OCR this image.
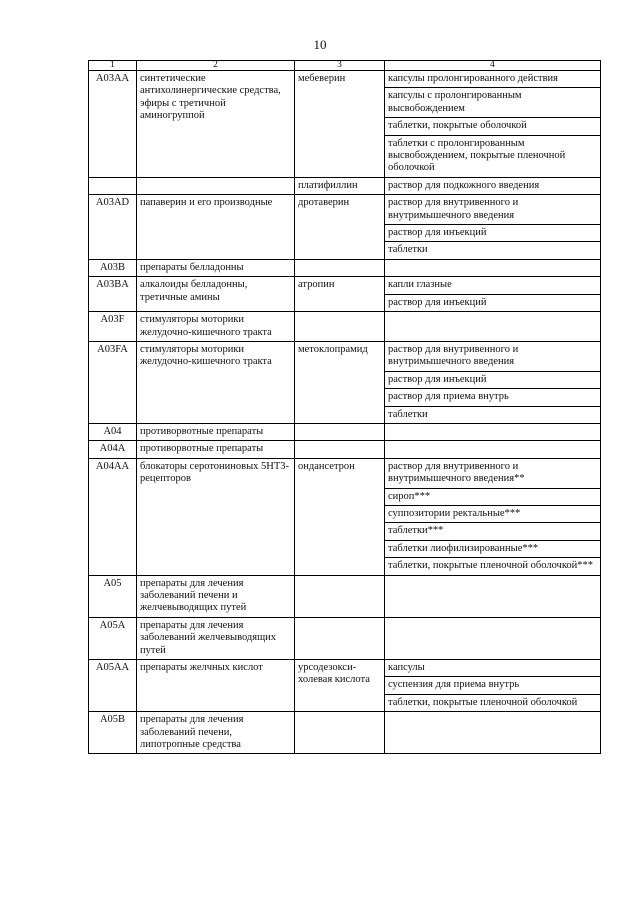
10
1	2	3	4
A03AA	синтетические антихолинергические средства, эфиры с третичной аминогруппой	мебеверин	капсулы пролонгированного действия
			капсулы с пролонгированным высвобождением
			таблетки, покрытые оболочкой
			таблетки с пролонгированным высвобождением, покрытые пленочной оболочкой
		платифиллин	раствор для подкожного введения
A03AD	папаверин и его производные	дротаверин	раствор для внутривенного и внутримышечного введения
			раствор для инъекций
			таблетки
A03B	препараты белладонны		
A03BA	алкалоиды белладонны, третичные амины	атропин	капли глазные
			раствор для инъекций
A03F	стимуляторы моторики желудочно-кишечного тракта		
A03FA	стимуляторы моторики желудочно-кишечного тракта	метоклопрамид	раствор для внутривенного и внутримышечного введения
			раствор для инъекций
			раствор для приема внутрь
			таблетки
A04	противорвотные препараты		
A04A	противорвотные препараты		
A04AA	блокаторы серотониновых 5HT3-рецепторов	ондансетрон	раствор для внутривенного и внутримышечного введения**
			сироп***
			суппозитории ректальные***
			таблетки***
			таблетки лиофилизированные***
			таблетки, покрытые пленочной оболочкой***
A05	препараты для лечения заболеваний печени и желчевыводящих путей		
A05A	препараты для лечения заболеваний желчевыводящих путей		
A05AA	препараты желчных кислот	урсодезокси-холевая кислота	капсулы
			суспензия для приема внутрь
			таблетки, покрытые пленочной оболочкой
A05B	препараты для лечения заболеваний печени, липотропные средства		
